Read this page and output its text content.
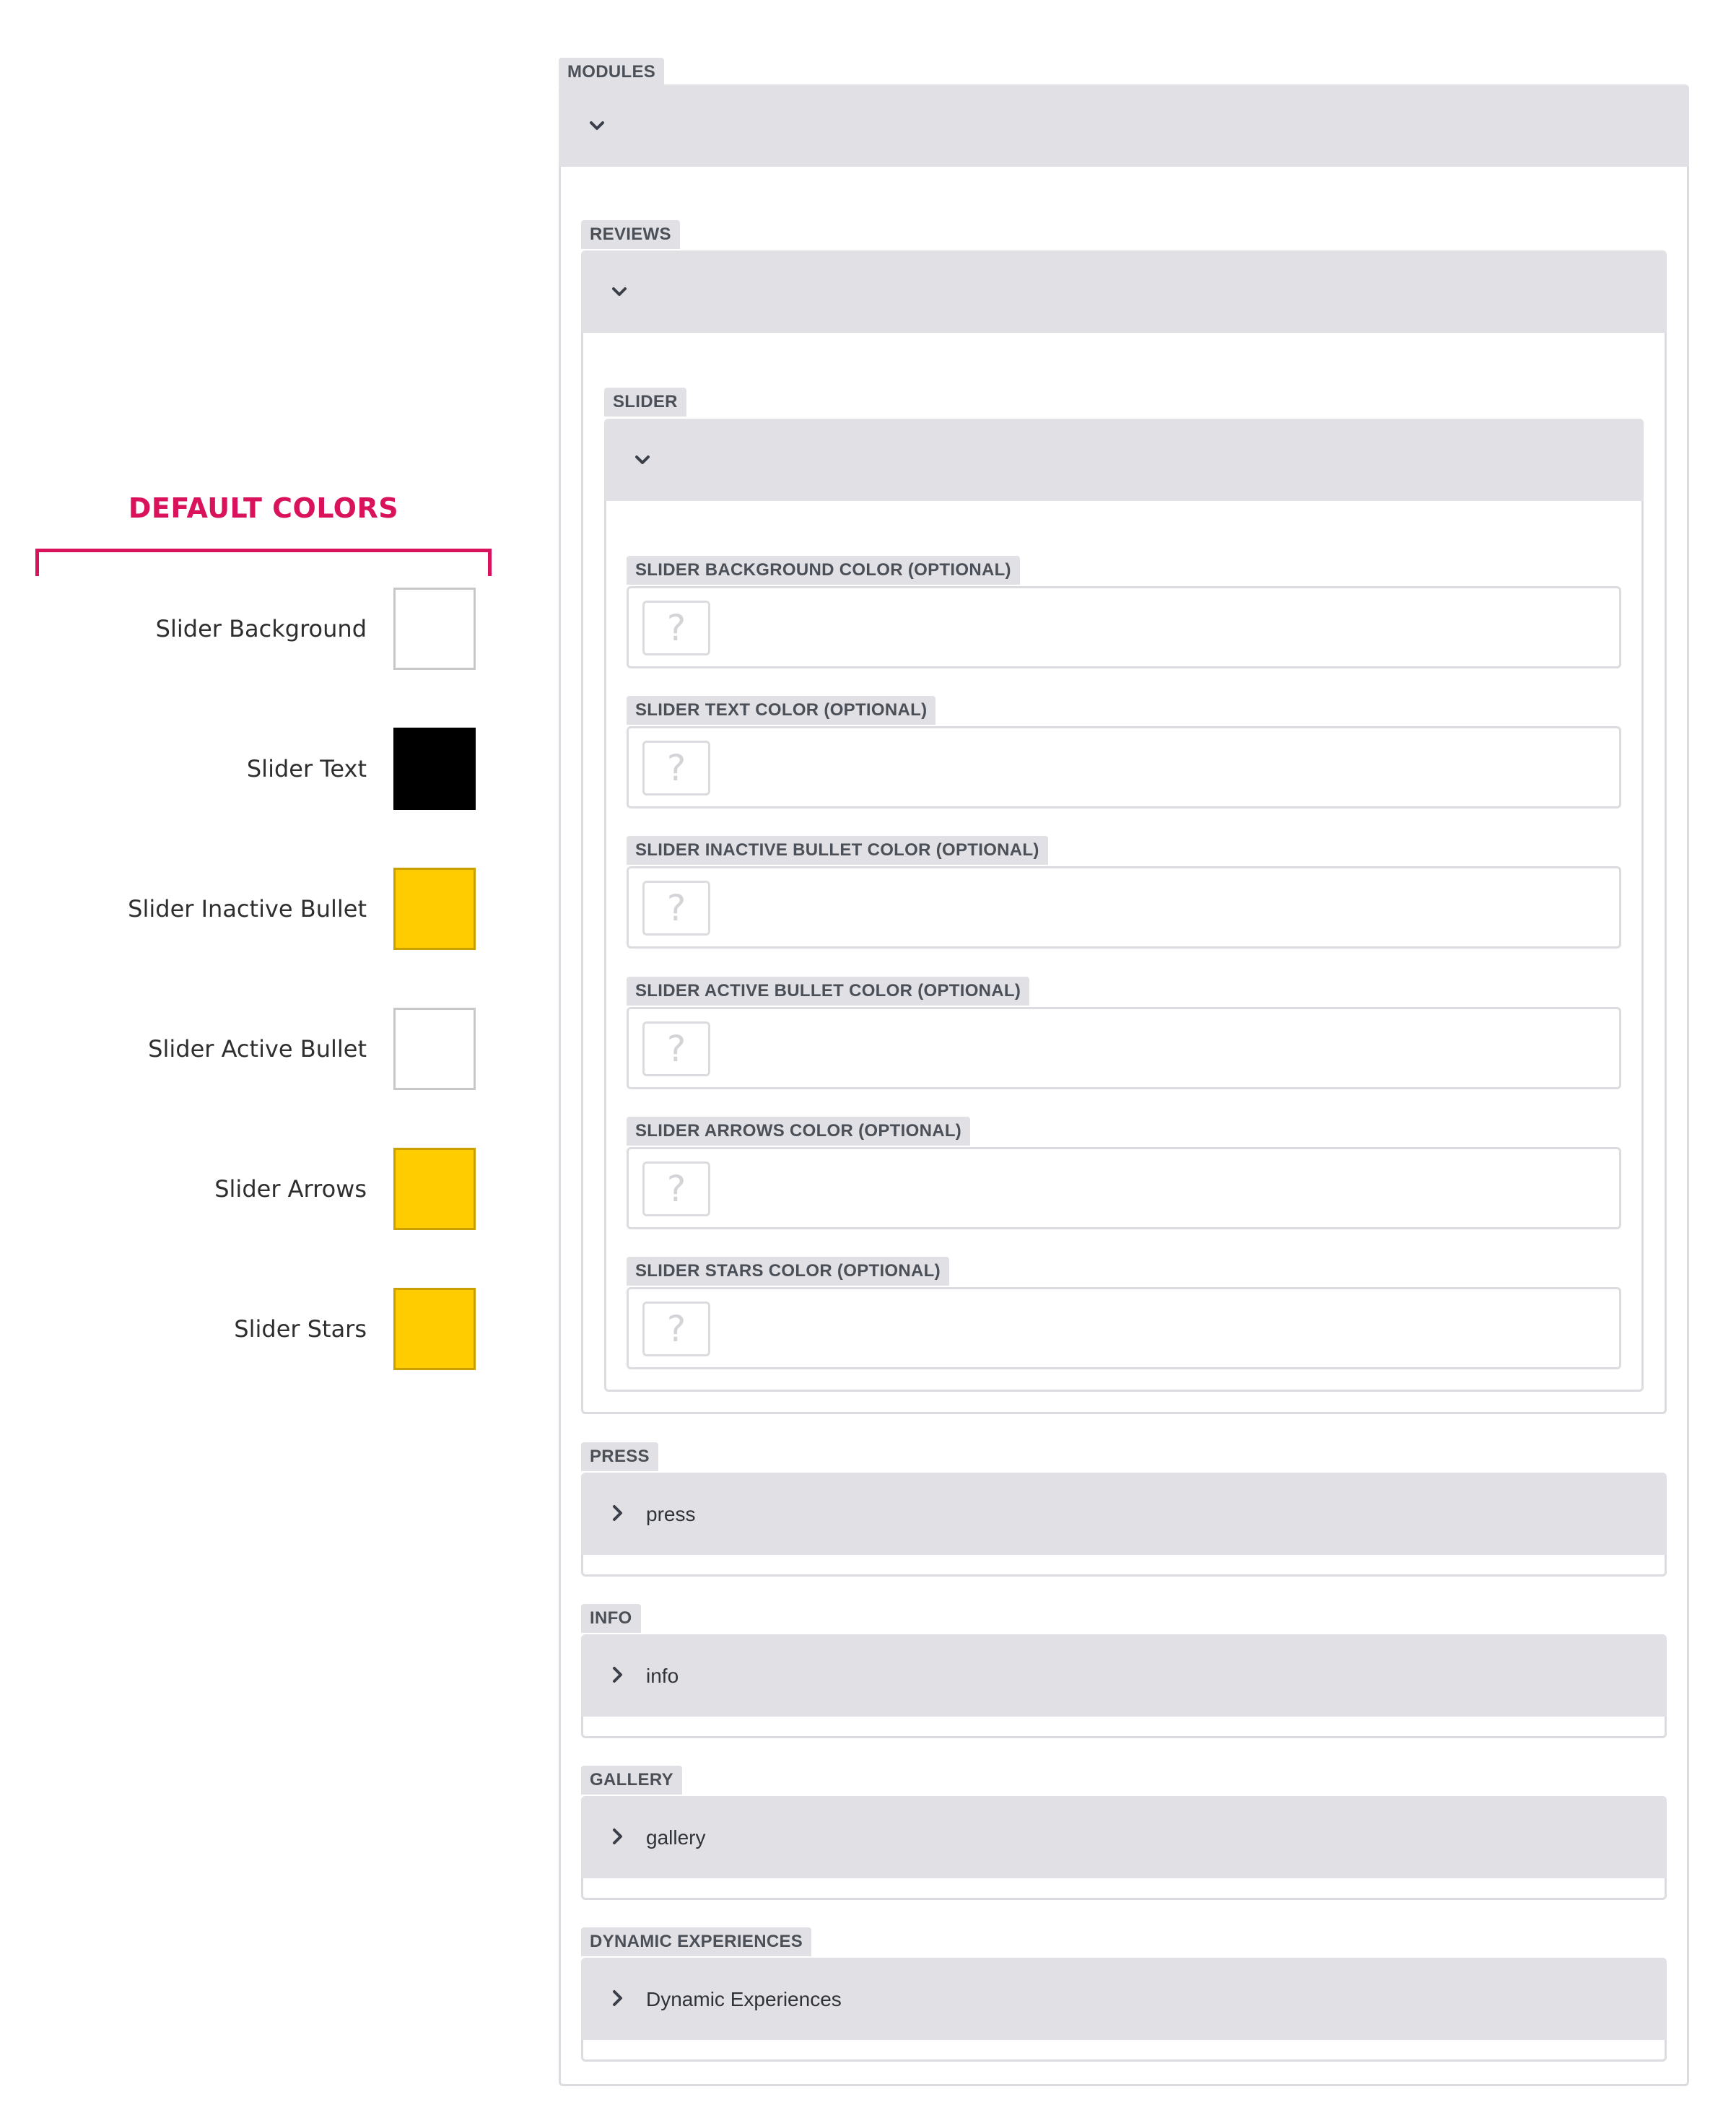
DEFAULT COLORS
Slider Background
Slider Text
Slider Inactive Bullet
Slider Active Bullet
Slider Arrows
Slider Stars
MODULES
REVIEWS
SLIDER
SLIDER BACKGROUND COLOR (OPTIONAL)
?
SLIDER TEXT COLOR (OPTIONAL)
?
SLIDER INACTIVE BULLET COLOR (OPTIONAL)
?
SLIDER ACTIVE BULLET COLOR (OPTIONAL)
?
SLIDER ARROWS COLOR (OPTIONAL)
?
SLIDER STARS COLOR (OPTIONAL)
?
PRESS
press
INFO
info
GALLERY
gallery
DYNAMIC EXPERIENCES
Dynamic Experiences
